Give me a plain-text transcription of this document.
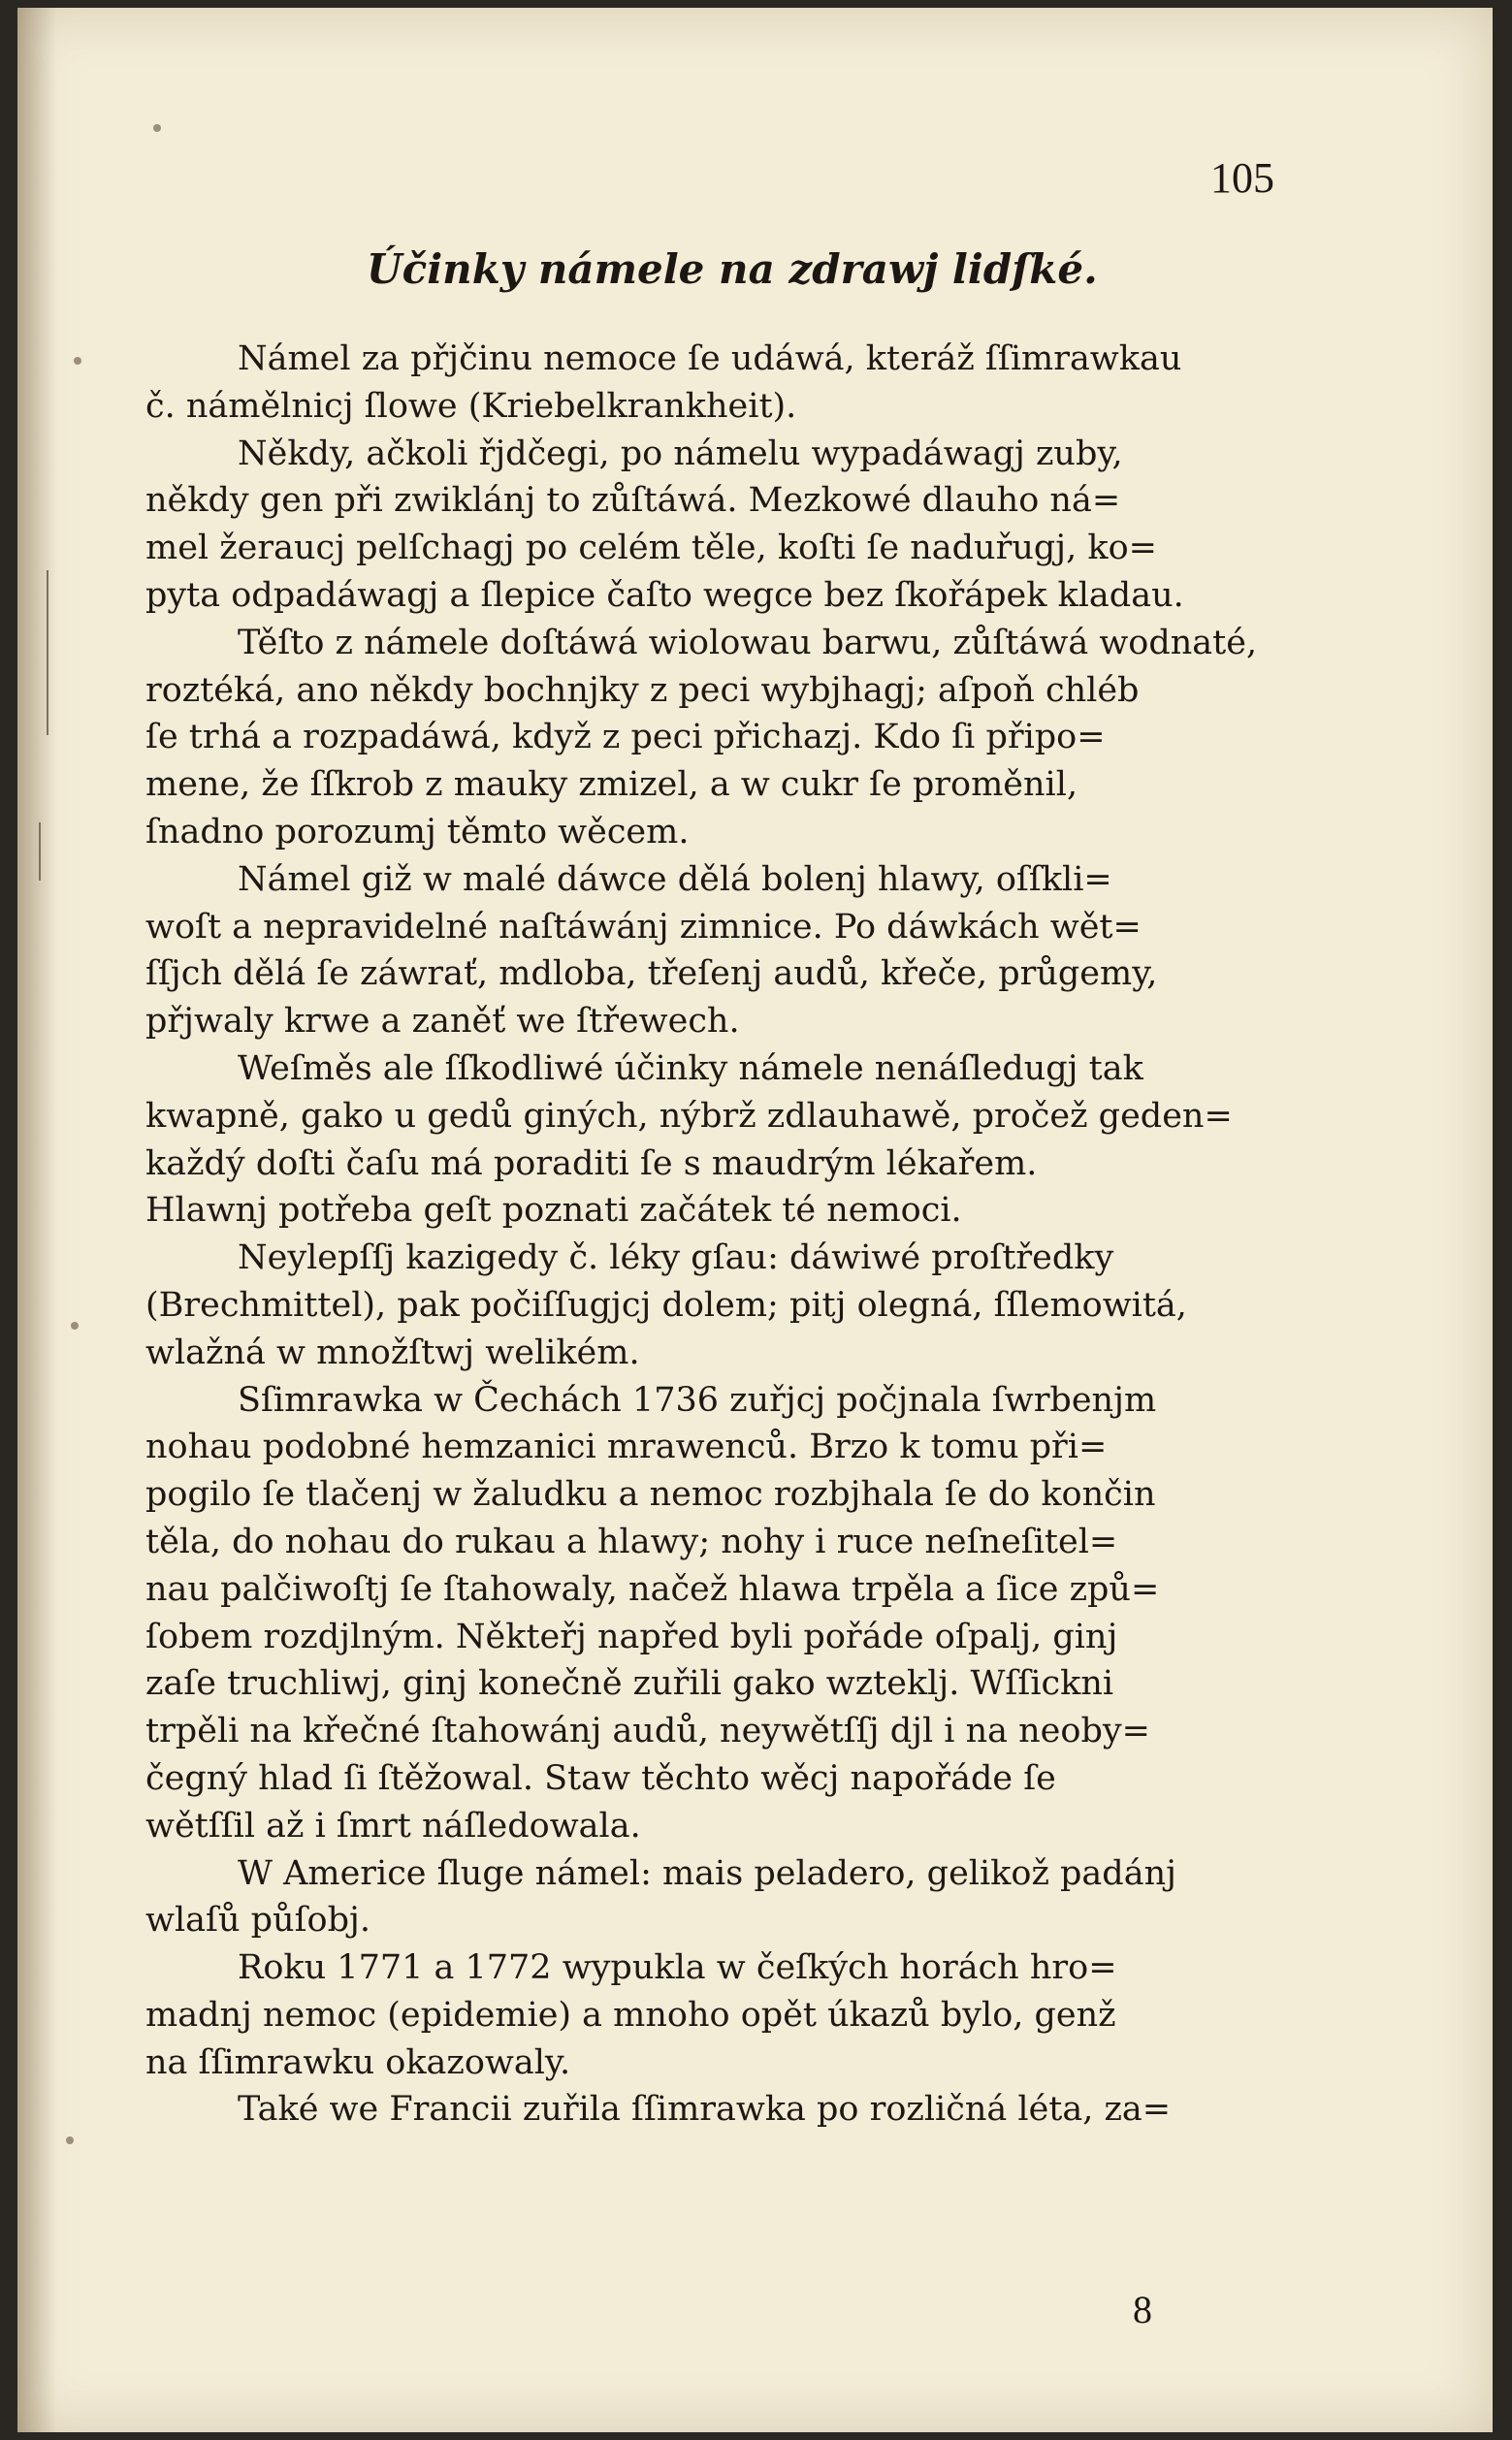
105
Účinky námele na zdrawj lidſké.
Námel za přjčinu nemoce ſe udáwá, kteráž ſſimrawkau
č. námělnicj ſlowe (Kriebelkrankheit).
Někdy, ačkoli řjdčegi, po námelu wypadáwagj zuby,
někdy gen při zwiklánj to zůſtáwá. Mezkowé dlauho ná=
mel žeraucj pelſchagj po celém těle, koſti ſe naduřugj, ko=
pyta odpadáwagj a ſlepice čaſto wegce bez ſkořápek kladau.
Těſto z námele doſtáwá wiolowau barwu, zůſtáwá wodnaté,
roztéká, ano někdy bochnjky z peci wybjhagj; aſpoň chléb
ſe trhá a rozpadáwá, když z peci přichazj. Kdo ſi připo=
mene, že ſſkrob z mauky zmizel, a w cukr ſe proměnil,
ſnadno porozumj těmto wěcem.
Námel giž w malé dáwce dělá bolenj hlawy, oſſkli=
woſt a nepravidelné naſtáwánj zimnice. Po dáwkách wět=
ſſjch dělá ſe záwrať, mdloba, třeſenj audů, křeče, průgemy,
přjwaly krwe a zaněť we ſtřewech.
Weſměs ale ſſkodliwé účinky námele nenáſledugj tak
kwapně, gako u gedů giných, nýbrž zdlauhawě, pročež geden=
každý doſti čaſu má poraditi ſe s maudrým lékařem.
Hlawnj potřeba geſt poznati začátek té nemoci.
Neylepſſj kazigedy č. léky gſau: dáwiwé proſtředky
(Brechmittel), pak počiſſugjcj dolem; pitj olegná, ſſlemowitá,
wlažná w množſtwj welikém.
Sſimrawka w Čechách 1736 zuřjcj počjnala ſwrbenjm
nohau podobné hemzanici mrawenců. Brzo k tomu při=
pogilo ſe tlačenj w žaludku a nemoc rozbjhala ſe do končin
těla, do nohau do rukau a hlawy; nohy i ruce neſneſitel=
nau palčiwoſtj ſe ſtahowaly, načež hlawa trpěla a ſice způ=
ſobem rozdjlným. Někteřj napřed byli pořáde oſpalj, ginj
zaſe truchliwj, ginj konečně zuřili gako wzteklj. Wſſickni
trpěli na křečné ſtahowánj audů, neywětſſj djl i na neoby=
čegný hlad ſi ſtěžowal. Staw těchto wěcj napořáde ſe
wětſſil až i ſmrt náſledowala.
W Americe ſluge námel: mais peladero, gelikož padánj
wlaſů půſobj.
Roku 1771 a 1772 wypukla w čeſkých horách hro=
madnj nemoc (epidemie) a mnoho opět úkazů bylo, genž
na ſſimrawku okazowaly.
Také we Francii zuřila ſſimrawka po rozličná léta, za=
8
